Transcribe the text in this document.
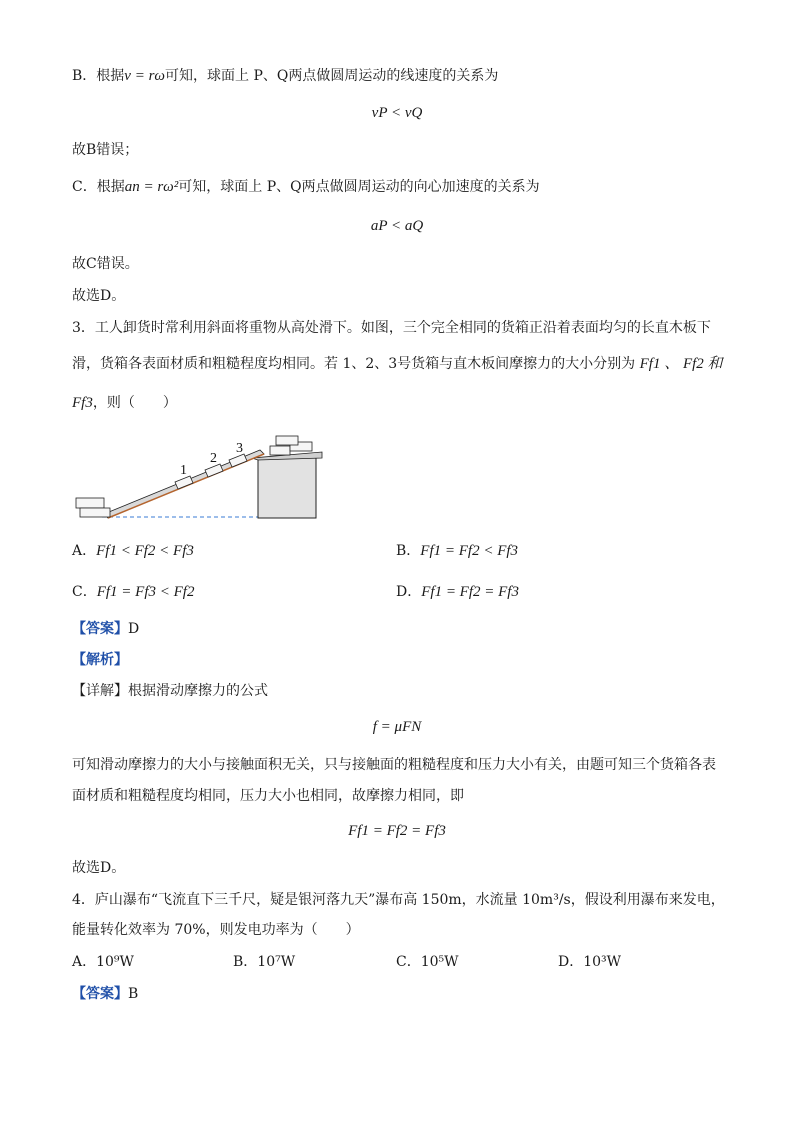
B．根据v = rω可知，球面上 P、Q两点做圆周运动的线速度的关系为
vP < vQ
故B错误；
C．根据an = rω²可知，球面上 P、Q两点做圆周运动的向心加速度的关系为
aP < aQ
故C错误。
故选D。
3．工人卸货时常利用斜面将重物从高处滑下。如图，三个完全相同的货箱正沿着表面均匀的长直木板下
滑，货箱各表面材质和粗糙程度均相同。若 1、2、3号货箱与直木板间摩擦力的大小分别为 Ff1 、 Ff2 和
Ff3，则（　　）
1
2
3
A．Ff1 < Ff2 < Ff3	B．Ff1 = Ff2 < Ff3
C．Ff1 = Ff3 < Ff2	D．Ff1 = Ff2 = Ff3
【答案】D
【解析】
【详解】根据滑动摩擦力的公式
f = μFN
可知滑动摩擦力的大小与接触面积无关，只与接触面的粗糙程度和压力大小有关，由题可知三个货箱各表
面材质和粗糙程度均相同，压力大小也相同，故摩擦力相同，即
Ff1 = Ff2 = Ff3
故选D。
4．庐山瀑布“飞流直下三千尺，疑是银河落九天”瀑布高 150m，水流量 10m³/s，假设利用瀑布来发电，
能量转化效率为 70%，则发电功率为（　　）
A．10⁹W	B．10⁷W	C．10⁵W	D．10³W
【答案】B
